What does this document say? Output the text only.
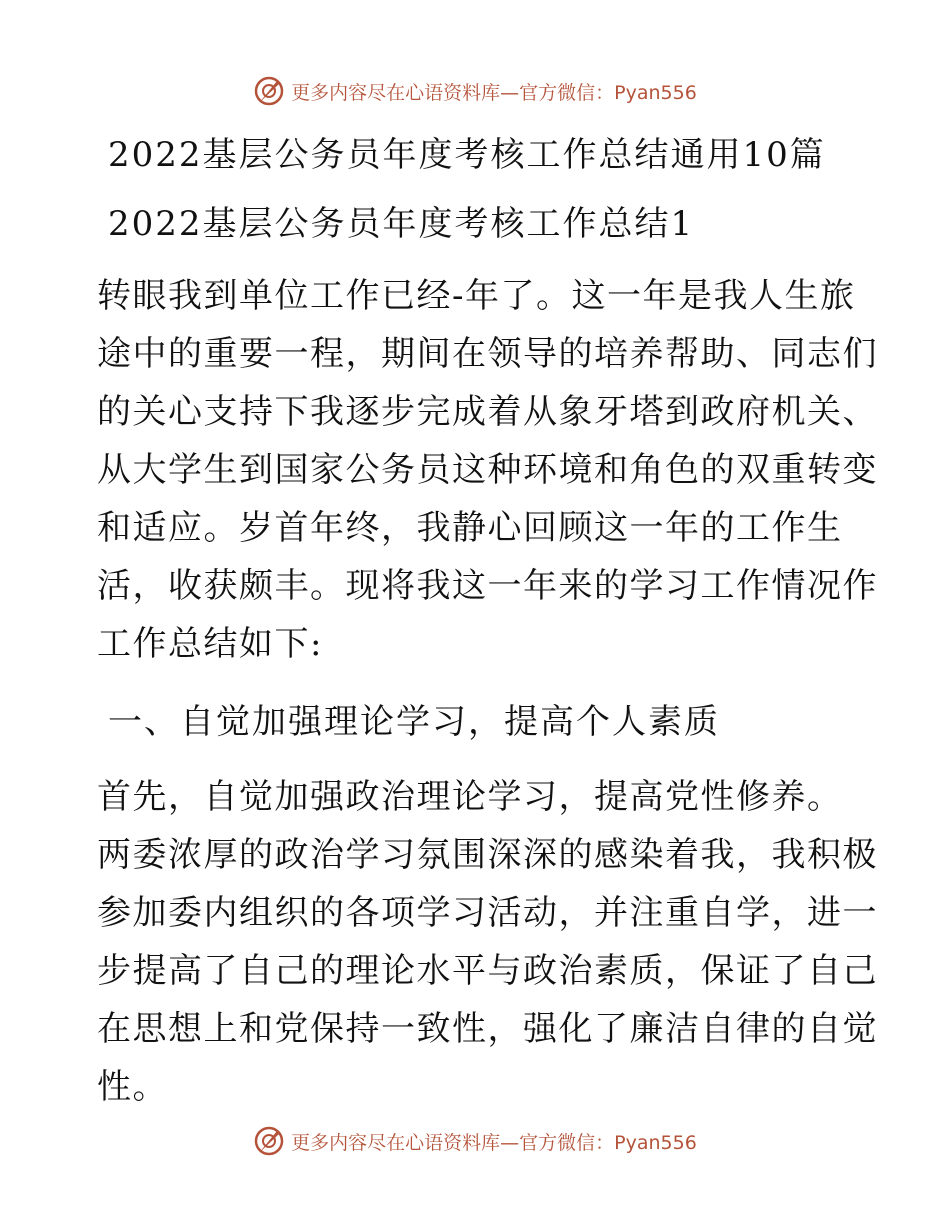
更多内容尽在心语资料库—官方微信：Pyan556
2022基层公务员年度考核工作总结通用10篇
2022基层公务员年度考核工作总结1
转眼我到单位工作已经-年了。这一年是我人生旅
途中的重要一程，期间在领导的培养帮助、同志们
的关心支持下我逐步完成着从象牙塔到政府机关、
从大学生到国家公务员这种环境和角色的双重转变
和适应。岁首年终，我静心回顾这一年的工作生
活，收获颇丰。现将我这一年来的学习工作情况作
工作总结如下:
一、自觉加强理论学习，提高个人素质
首先，自觉加强政治理论学习，提高党性修养。
两委浓厚的政治学习氛围深深的感染着我，我积极
参加委内组织的各项学习活动，并注重自学，进一
步提高了自己的理论水平与政治素质，保证了自己
在思想上和党保持一致性，强化了廉洁自律的自觉
性。
更多内容尽在心语资料库—官方微信：Pyan556
